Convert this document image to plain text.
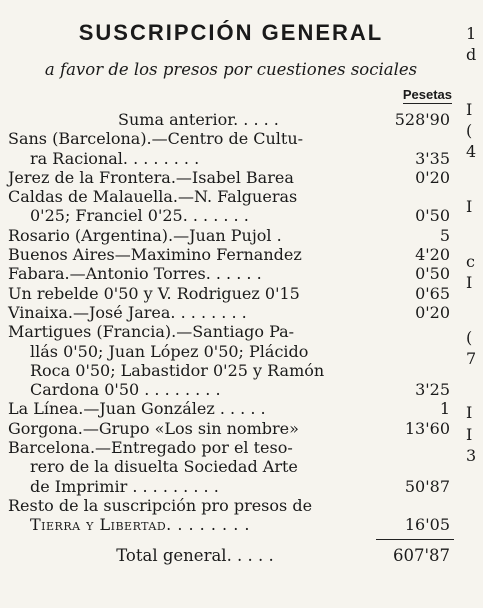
SUSCRIPCIÓN GENERAL
a favor de los presos por cuestiones sociales
Pesetas
Suma anterior. . . . .	528'90
Sans (Barcelona).—Centro de Cultu-
ra Racional. . . . . . . .	3'35
Jerez de la Frontera.—Isabel Barea	0'20
Caldas de Malauella.—N. Falgueras
0'25; Franciel 0'25. . . . . . .	0'50
Rosario (Argentina).—Juan Pujol .	5
Buenos Aires—Maximino Fernandez	4'20
Fabara.—Antonio Torres. . . . . .	0'50
Un rebelde 0'50 y V. Rodriguez 0'15	0'65
Vinaixa.—José Jarea. . . . . . . .	0'20
Martigues (Francia).—Santiago Pa-
llás 0'50; Juan López 0'50; Plácido
Roca 0'50; Labastidor 0'25 y Ramón
Cardona 0'50 . . . . . . . .	3'25
La Línea.—Juan González . . . . .	1
Gorgona.—Grupo «Los sin nombre»	13'60
Barcelona.—Entregado por el teso-
rero de la disuelta Sociedad Arte
de Imprimir . . . . . . . . .	50'87
Resto de la suscripción pro presos de
Tierra y Libertad. . . . . . . .	16'05
Total general. . . . .	607'87
1
d

I
(
4

I

c
I

(
7

I
I
3
